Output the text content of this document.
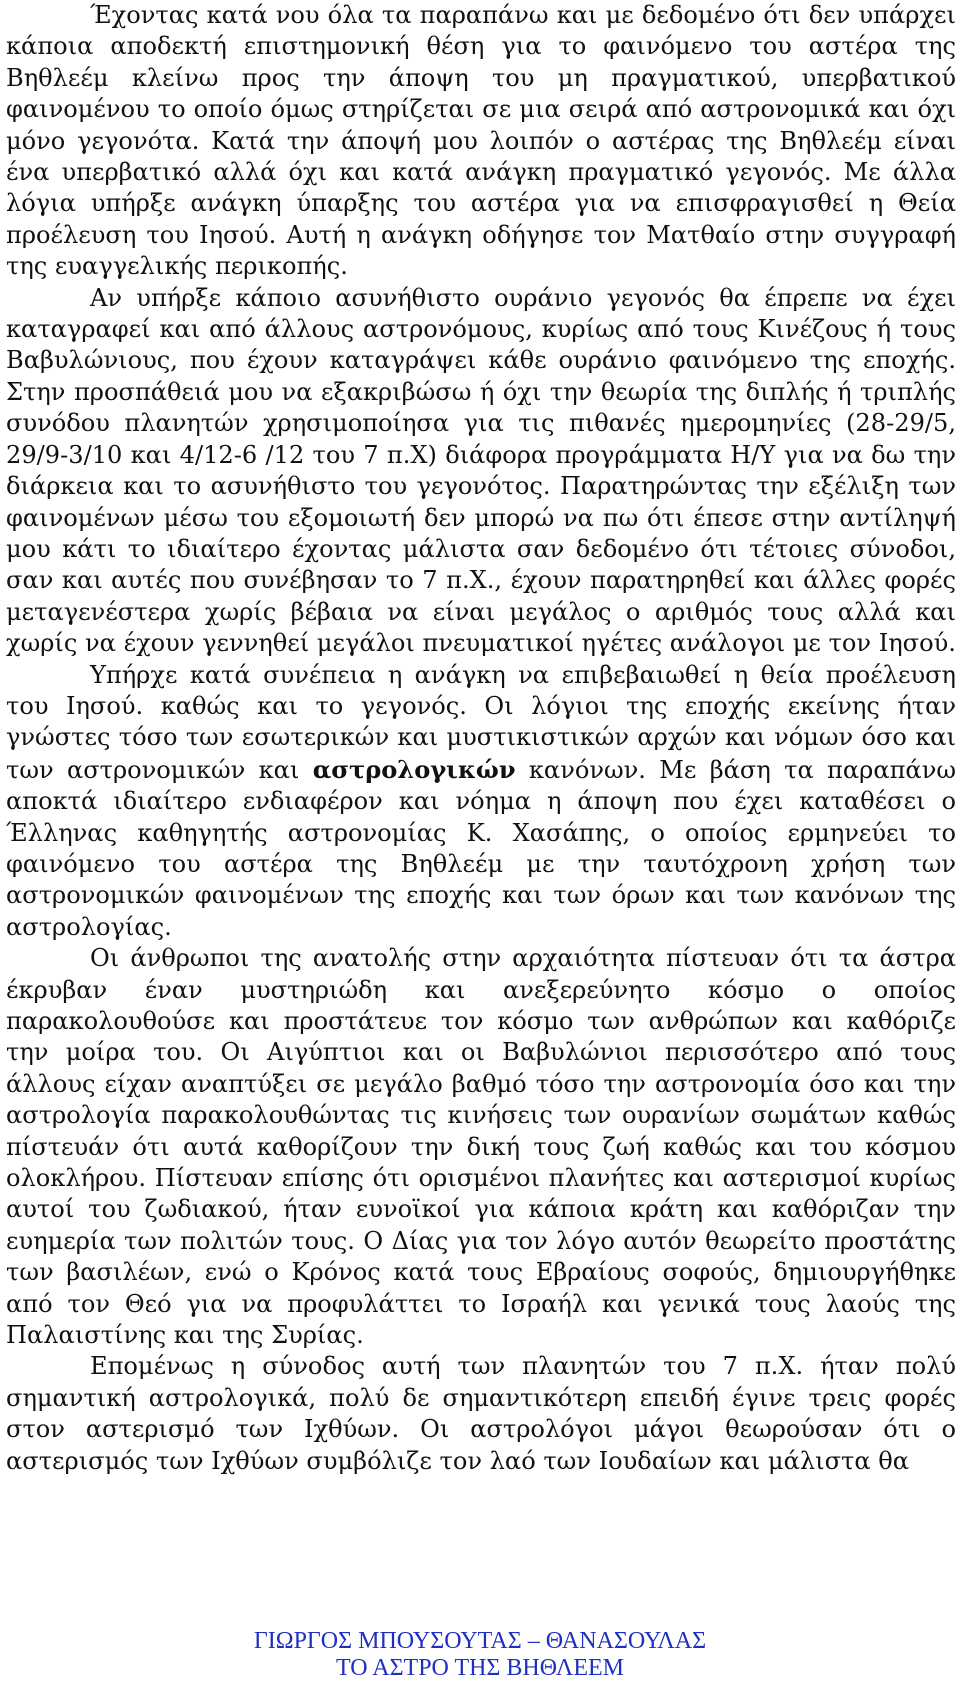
Έχοντας κατά νου όλα τα παραπάνω και με δεδομένο ότι δεν υπάρχει κάποια αποδεκτή επιστημονική θέση για το φαινόμενο του αστέρα της Βηθλεέμ κλείνω προς την άποψη του μη πραγματικού, υπερβατικού φαινομένου το οποίο όμως στηρίζεται σε μια σειρά από αστρονομικά και όχι μόνο γεγονότα. Κατά την άποψή μου λοιπόν ο αστέρας της Βηθλεέμ είναι ένα υπερβατικό αλλά όχι και κατά ανάγκη πραγματικό γεγονός. Με άλλα λόγια υπήρξε ανάγκη ύπαρξης του αστέρα για να επισφραγισθεί η Θεία προέλευση του Ιησού. Αυτή η ανάγκη οδήγησε τον Ματθαίο στην συγγραφή της ευαγγελικής περικοπής.

Αν υπήρξε κάποιο ασυνήθιστο ουράνιο γεγονός θα έπρεπε να έχει καταγραφεί και από άλλους αστρονόμους, κυρίως από τους Κινέζους ή τους Βαβυλώνιους, που έχουν καταγράψει κάθε ουράνιο φαινόμενο της εποχής. Στην προσπάθειά μου να εξακριβώσω ή όχι την θεωρία της διπλής ή τριπλής συνόδου πλανητών χρησιμοποίησα για τις πιθανές ημερομηνίες (28-29/5, 29/9-3/10 και 4/12-6 /12 του 7 π.Χ) διάφορα προγράμματα Η/Υ για να δω την διάρκεια και το ασυνήθιστο του γεγονότος. Παρατηρώντας την εξέλιξη των φαινομένων μέσω του εξομοιωτή δεν μπορώ να πω ότι έπεσε στην αντίληψή μου κάτι το ιδιαίτερο έχοντας μάλιστα σαν δεδομένο ότι τέτοιες σύνοδοι, σαν και αυτές που συνέβησαν το 7 π.Χ., έχουν παρατηρηθεί και άλλες φορές μεταγενέστερα χωρίς βέβαια να είναι μεγάλος ο αριθμός τους αλλά και χωρίς να έχουν γεννηθεί μεγάλοι πνευματικοί ηγέτες ανάλογοι με τον Ιησού.

Υπήρχε κατά συνέπεια η ανάγκη να επιβεβαιωθεί η θεία προέλευση του Ιησού. καθώς και το γεγονός. Οι λόγιοι της εποχής εκείνης ήταν γνώστες τόσο των εσωτερικών και μυστικιστικών αρχών και νόμων όσο και των αστρονομικών και αστρολογικών κανόνων. Με βάση τα παραπάνω αποκτά ιδιαίτερο ενδιαφέρον και νόημα η άποψη που έχει καταθέσει ο Έλληνας καθηγητής αστρονομίας Κ. Χασάπης, ο οποίος ερμηνεύει το φαινόμενο του αστέρα της Βηθλεέμ με την ταυτόχρονη χρήση των αστρονομικών φαινομένων της εποχής και των όρων και των κανόνων της αστρολογίας.

Οι άνθρωποι της ανατολής στην αρχαιότητα πίστευαν ότι τα άστρα έκρυβαν έναν μυστηριώδη και ανεξερεύνητο κόσμο ο οποίος παρακολουθούσε και προστάτευε τον κόσμο των ανθρώπων και καθόριζε την μοίρα του. Οι Αιγύπτιοι και οι Βαβυλώνιοι περισσότερο από τους άλλους είχαν αναπτύξει σε μεγάλο βαθμό τόσο την αστρονομία όσο και την αστρολογία παρακολουθώντας τις κινήσεις των ουρανίων σωμάτων καθώς πίστευάν ότι αυτά καθορίζουν την δική τους ζωή καθώς και του κόσμου ολοκλήρου. Πίστευαν επίσης ότι ορισμένοι πλανήτες και αστερισμοί κυρίως αυτοί του ζωδιακού, ήταν ευνοϊκοί για κάποια κράτη και καθόριζαν την ευημερία των πολιτών τους. Ο Δίας για τον λόγο αυτόν θεωρείτο προστάτης των βασιλέων, ενώ ο Κρόνος κατά τους Εβραίους σοφούς, δημιουργήθηκε από τον Θεό για να προφυλάττει το Ισραήλ και γενικά τους λαούς της Παλαιστίνης και της Συρίας.

Επομένως η σύνοδος αυτή των πλανητών του 7 π.Χ. ήταν πολύ σημαντική αστρολογικά, πολύ δε σημαντικότερη επειδή έγινε τρεις φορές στον αστερισμό των Ιχθύων. Οι αστρολόγοι μάγοι θεωρούσαν ότι ο αστερισμός των Ιχθύων συμβόλιζε τον λαό των Ιουδαίων και μάλιστα θα

ΓΙΩΡΓΟΣ ΜΠΟΥΣΟΥΤΑΣ – ΘΑΝΑΣΟΥΛΑΣ
ΤΟ ΑΣΤΡΟ ΤΗΣ ΒΗΘΛΕΕΜ
